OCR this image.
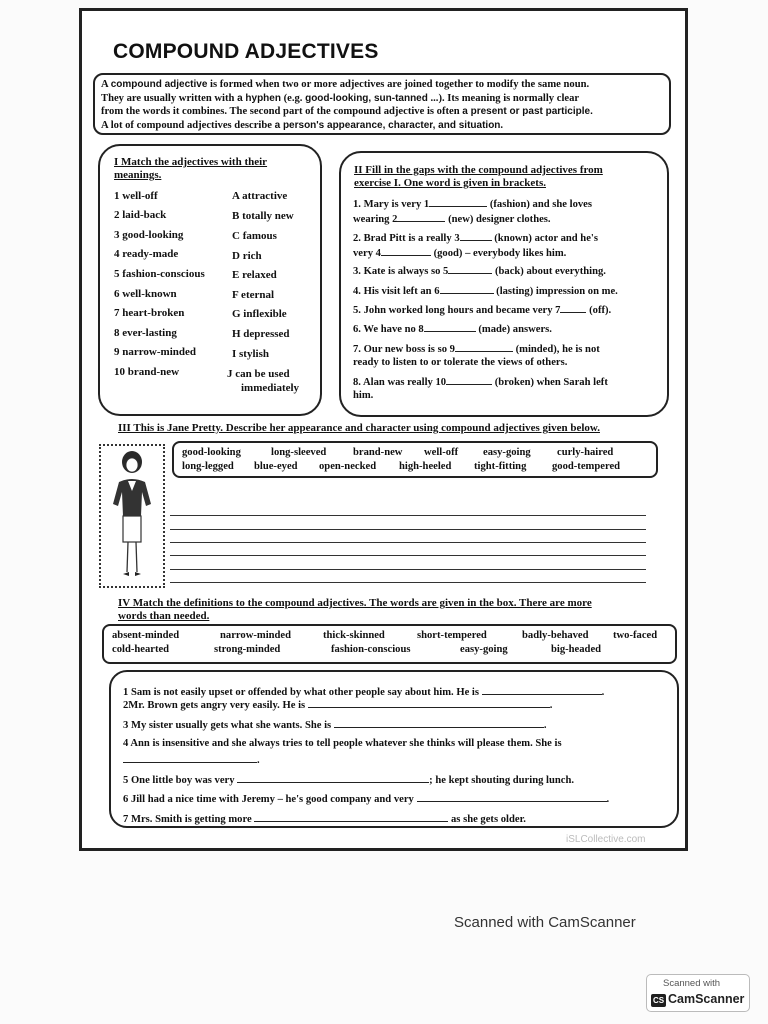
COMPOUND ADJECTIVES
A compound adjective is formed when two or more adjectives are joined together to modify the same noun.
They are usually written with a hyphen (e.g. good-looking, sun-tanned ...). Its meaning is normally clear
from the words it combines. The second part of the compound adjective is often a present or past participle.
A lot of compound adjectives describe a person's appearance, character, and situation.
I Match the adjectives with their
meanings.
1 well-off
2 laid-back
3 good-looking
4 ready-made
5 fashion-conscious
6 well-known
7 heart-broken
8 ever-lasting
9 narrow-minded
10 brand-new
A attractive
B totally new
C famous
D rich
E relaxed
F eternal
G inflexible
H depressed
I stylish
J can be used
immediately
II Fill in the gaps with the compound adjectives from
exercise I. One word is given in brackets.
1. Mary is very 1	(fashion) and she loves
wearing 2	(new) designer clothes.
2. Brad Pitt is a really 3	(known) actor and he's
very 4	(good) – everybody likes him.
3. Kate is always so 5	(back) about everything.
4. His visit left an 6	(lasting) impression on me.
5. John worked long hours and became very 7 (off).
6. We have no 8	(made) answers.
7. Our new boss is so 9	(minded), he is not
ready to listen to or tolerate the views of others.
8. Alan was really 10	(broken) when Sarah left
him.
III This is Jane Pretty. Describe her appearance and character using compound adjectives given below.
good-looking	long-sleeved	brand-new well-off easy-going curly-haired
long-legged blue-eyed open-necked high-heeled tight-fitting good-tempered
IV Match the definitions to the compound adjectives. The words are given in the box. There are more
words than needed.
absent-minded	narrow-minded	thick-skinned	short-tempered	badly-behaved two-faced
cold-hearted	strong-minded	fashion-conscious	easy-going	big-headed
1 Sam is not easily upset or offended by what other people say about him. He is	.
2Mr. Brown gets angry very easily. He is	.
3 My sister usually gets what she wants. She is	.
4 Ann is insensitive and she always tries to tell people whatever she thinks will please them. She is
.
5 One little boy was very	; he kept shouting during lunch.
6 Jill had a nice time with Jeremy – he's good company and very	.
7 Mrs. Smith is getting more	as she gets older.
iSLCollective.com
Scanned with CamScanner
Scanned with
CS CamScanner
